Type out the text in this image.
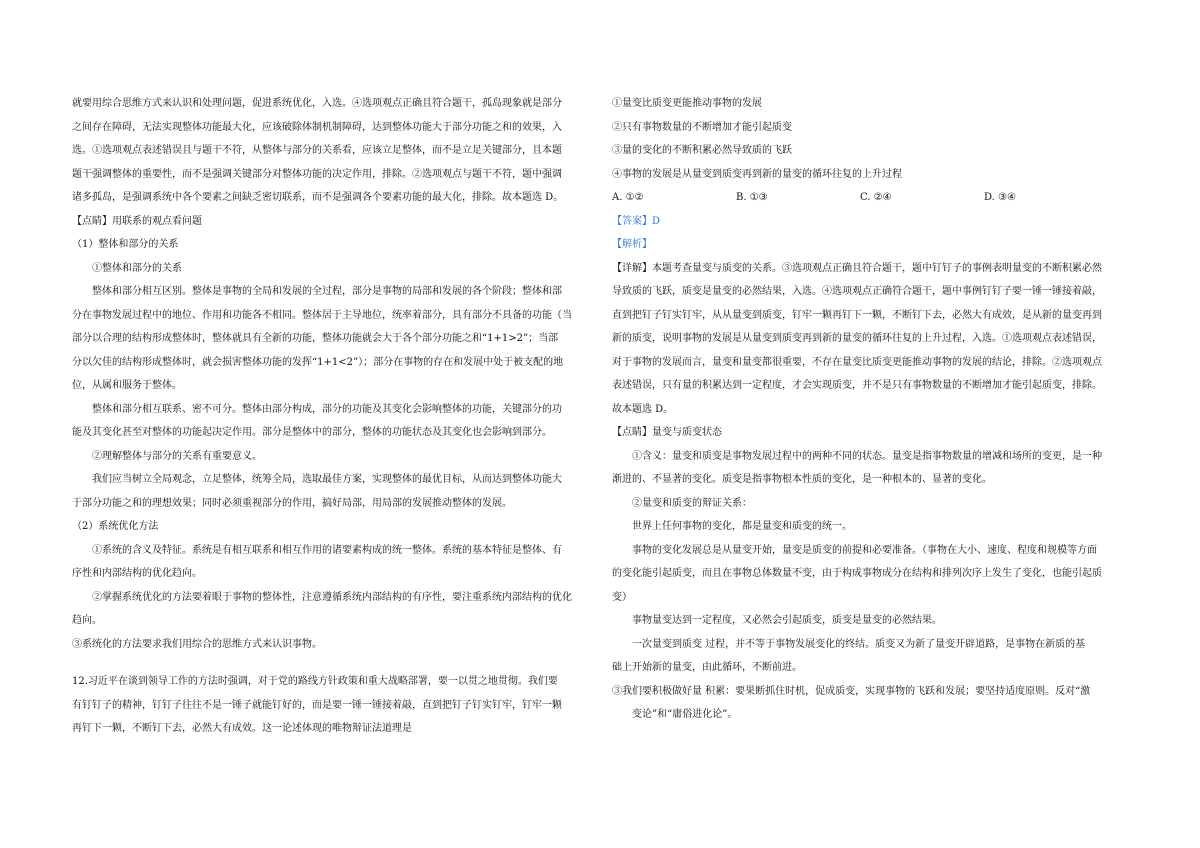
就要用综合思维方式来认识和处理问题，促进系统优化，入选。④选项观点正确且符合题干，孤岛现象就是部分
之间存在障碍，无法实现整体功能最大化，应该破除体制机制障碍，达到整体功能大于部分功能之和的效果，入
选。①选项观点表述错误且与题干不符，从整体与部分的关系看，应该立足整体，而不是立足关键部分，且本题
题干强调整体的重要性，而不是强调关键部分对整体功能的决定作用，排除。②选项观点与题干不符，题中强调
诸多孤岛，是强调系统中各个要素之间缺乏密切联系，而不是强调各个要素功能的最大化，排除。故本题选 D。
【点睛】用联系的观点看问题
（1）整体和部分的关系
①整体和部分的关系
整体和部分相互区别。整体是事物的全局和发展的全过程，部分是事物的局部和发展的各个阶段；整体和部
分在事物发展过程中的地位、作用和功能各不相同。整体居于主导地位，统率着部分，具有部分不具备的功能（当
部分以合理的结构形成整体时，整体就具有全新的功能，整体功能就会大于各个部分功能之和“1+1>2”；当部
分以欠佳的结构形成整体时，就会损害整体功能的发挥“1+1<2”）；部分在事物的存在和发展中处于被支配的地
位，从属和服务于整体。
整体和部分相互联系、密不可分。整体由部分构成，部分的功能及其变化会影响整体的功能，关键部分的功
能及其变化甚至对整体的功能起决定作用。部分是整体中的部分，整体的功能状态及其变化也会影响到部分。
②理解整体与部分的关系有重要意义。
我们应当树立全局观念，立足整体，统筹全局，选取最佳方案，实现整体的最优目标，从而达到整体功能大
于部分功能之和的理想效果；同时必须重视部分的作用，搞好局部，用局部的发展推动整体的发展。
（2）系统优化方法
①系统的含义及特征。系统是有相互联系和相互作用的诸要素构成的统一整体。系统的基本特征是整体、有
序性和内部结构的优化趋向。
②掌握系统优化的方法要着眼于事物的整体性，注意遵循系统内部结构的有序性，要注重系统内部结构的优化
趋向。
③系统化的方法要求我们用综合的思维方式来认识事物。
12.习近平在谈到领导工作的方法时强调，对于党的路线方针政策和重大战略部署，要一以贯之地贯彻。我们要
有钉钉子的精神，钉钉子往往不是一锤子就能钉好的，而是要一锤一锤接着敲，直到把钉子钉实钉牢，钉牢一颗
再钉下一颗，不断钉下去，必然大有成效。这一论述体现的唯物辩证法道理是
①量变比质变更能推动事物的发展
②只有事物数量的不断增加才能引起质变
③量的变化的不断积累必然导致质的飞跃
④事物的发展是从量变到质变再到新的量变的循环往复的上升过程
A. ①②	B. ①③	C. ②④	D. ③④
【答案】D
【解析】
【详解】本题考查量变与质变的关系。③选项观点正确且符合题干，题中钉钉子的事例表明量变的不断积累必然
导致质的飞跃，质变是量变的必然结果，入选。④选项观点正确符合题干，题中事例钉钉子要一锤一锤接着敲，
直到把钉子钉实钉牢，从从量变到质变，钉牢一颗再钉下一颗，不断钉下去，必然大有成效，是从新的量变再到
新的质变，说明事物的发展是从量变到质变再到新的量变的循环往复的上升过程，入选。①选项观点表述错误，
对于事物的发展而言，量变和量变都很重要，不存在量变比质变更能推动事物的发展的结论，排除。②选项观点
表述错误，只有量的积累达到一定程度，才会实现质变，并不是只有事物数量的不断增加才能引起质变，排除。
故本题选 D。
【点睛】量变与质变状态
①含义：量变和质变是事物发展过程中的两种不同的状态。量变是指事物数量的增减和场所的变更，是一种
渐进的、不显著的变化。质变是指事物根本性质的变化，是一种根本的、显著的变化。
②量变和质变的辩证关系：
世界上任何事物的变化，都是量变和质变的统一。
事物的变化发展总是从量变开始，量变是质变的前提和必要准备。（事物在大小、速度、程度和规模等方面
的变化能引起质变，而且在事物总体数量不变，由于构成事物成分在结构和排列次序上发生了变化，也能引起质
变）
事物量变达到一定程度，又必然会引起质变，质变是量变的必然结果。
一次量变到质变 过程，并不等于事物发展变化的终结。质变又为新了量变开辟道路，是事物在新质的基
础上开始新的量变，由此循环，不断前进。
③我们要积极做好量 积累：要果断抓住时机，促成质变，实现事物的飞跃和发展；要坚持适度原则。反对“激
变论”和“庸俗进化论”。
